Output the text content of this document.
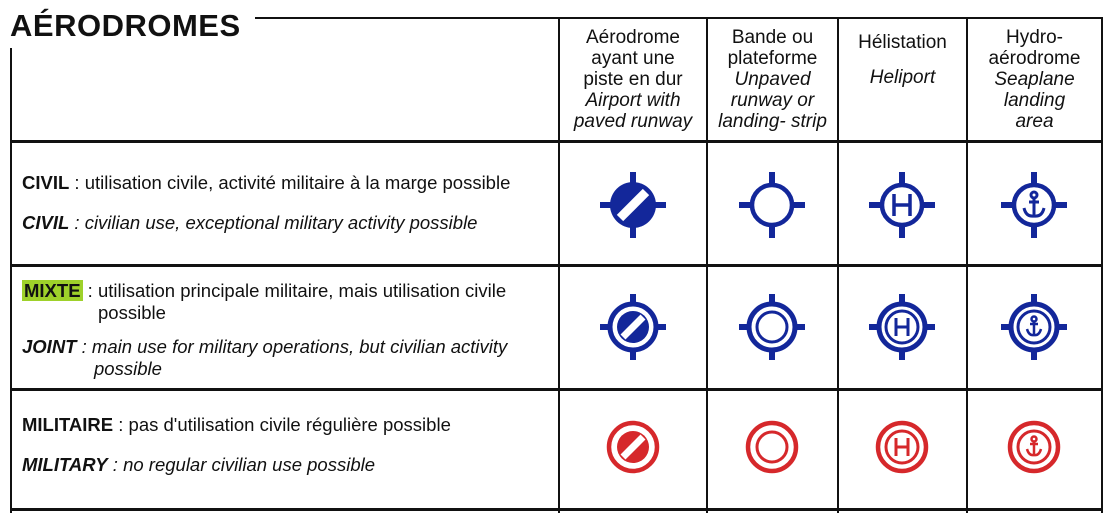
AÉRODROMES	Aérodrome
ayant une
piste en dur
Airport with
paved runway
Bande ou
plateforme
Unpaved
runway or
landing- strip
Hélistation
Heliport
Hydro-
aérodrome
Seaplane
landing
area
CIVIL : utilisation civile, activité militaire à la marge possible
CIVIL : civilian use, exceptional military activity possible
MIXTE : utilisation principale militaire, mais utilisation civile
possible
JOINT : main use for military operations, but civilian activity
possible
MILITAIRE : pas d'utilisation civile régulière possible
MILITARY : no regular civilian use possible
